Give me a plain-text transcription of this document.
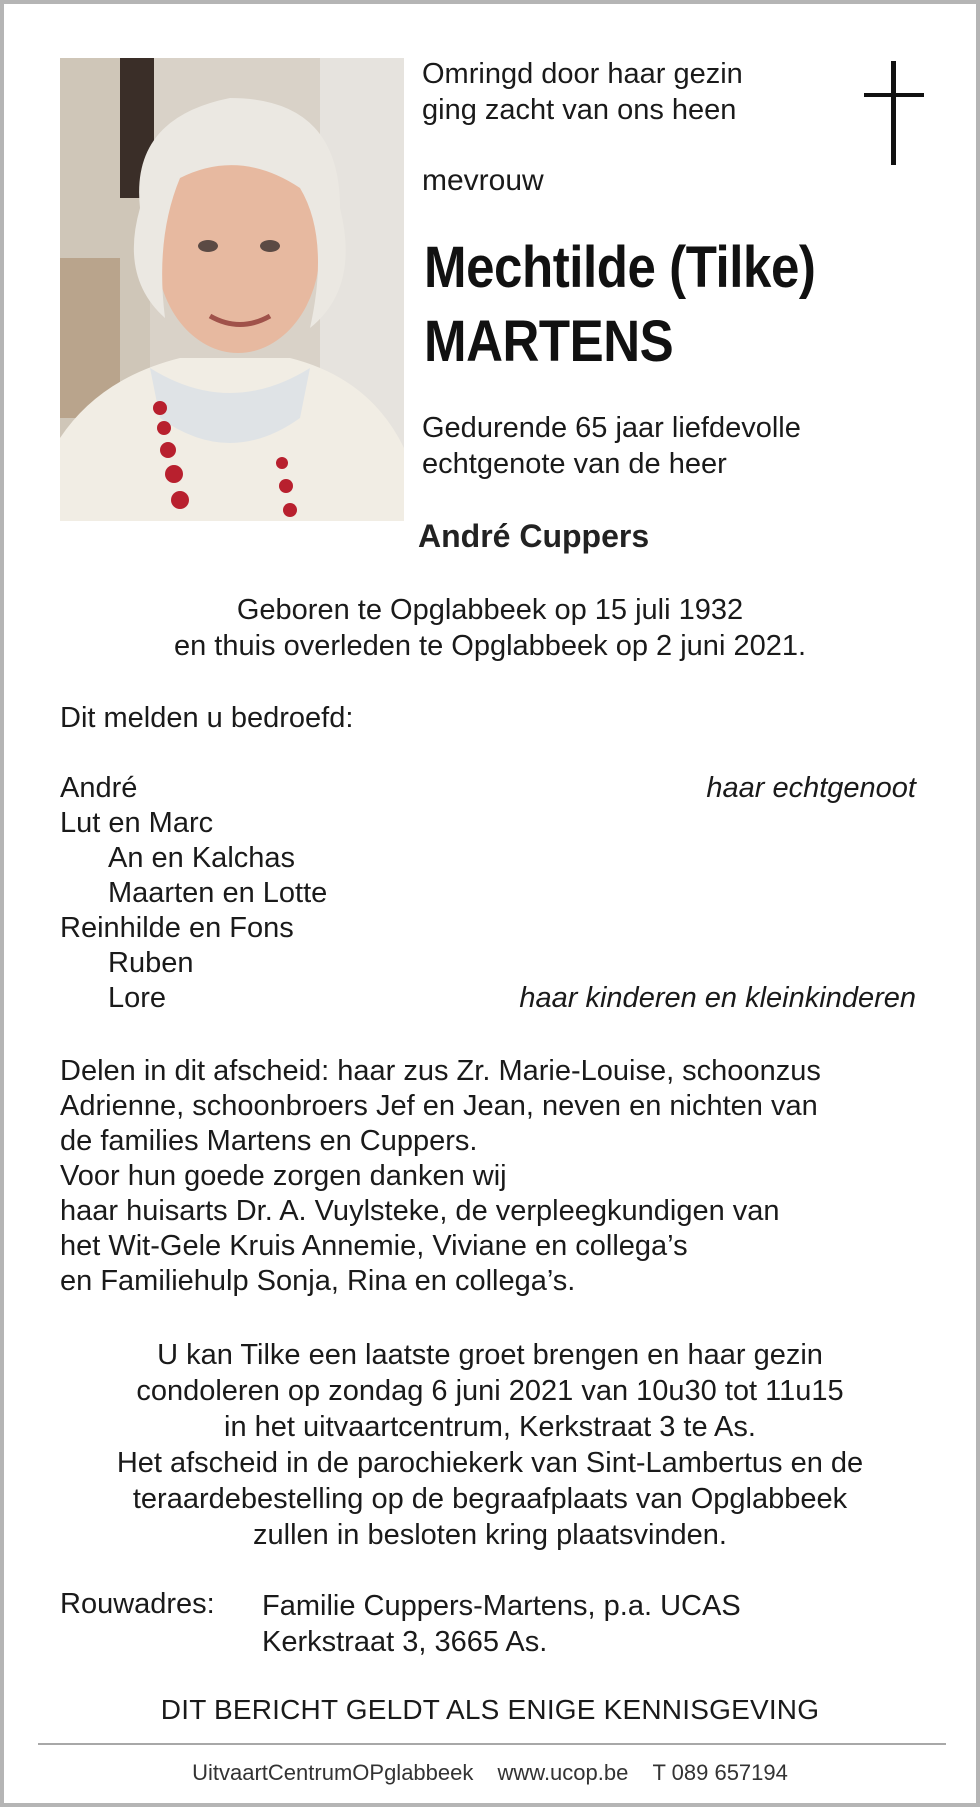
Omringd door haar gezin
ging zacht van ons heen
mevrouw
Mechtilde (Tilke)
MARTENS
Gedurende 65 jaar liefdevolle
echtgenote van de heer
André Cuppers
Geboren te Opglabbeek op 15 juli 1932
en thuis overleden te Opglabbeek op 2 juni 2021.
Dit melden u bedroefd:
André	haar echtgenoot
Lut en Marc
An en Kalchas
Maarten en Lotte
Reinhilde en Fons
Ruben
Lore	haar kinderen en kleinkinderen
Delen in dit afscheid: haar zus Zr. Marie-Louise, schoonzus
Adrienne, schoonbroers Jef en Jean, neven en nichten van
de families Martens en Cuppers.
Voor hun goede zorgen danken wij
haar huisarts Dr. A. Vuylsteke, de verpleegkundigen van
het Wit-Gele Kruis Annemie, Viviane en collega’s
en Familiehulp Sonja, Rina en collega’s.
U kan Tilke een laatste groet brengen en haar gezin
condoleren op zondag 6 juni 2021 van 10u30 tot 11u15
in het uitvaartcentrum, Kerkstraat 3 te As.
Het afscheid in de parochiekerk van Sint-Lambertus en de
teraardebestelling op de begraafplaats van Opglabbeek
zullen in besloten kring plaatsvinden.
Rouwadres: Familie Cuppers-Martens, p.a. UCAS
Kerkstraat 3, 3665 As.
DIT BERICHT GELDT ALS ENIGE KENNISGEVING
UitvaartCentrumOPglabbeek www.ucop.be T 089 657194
